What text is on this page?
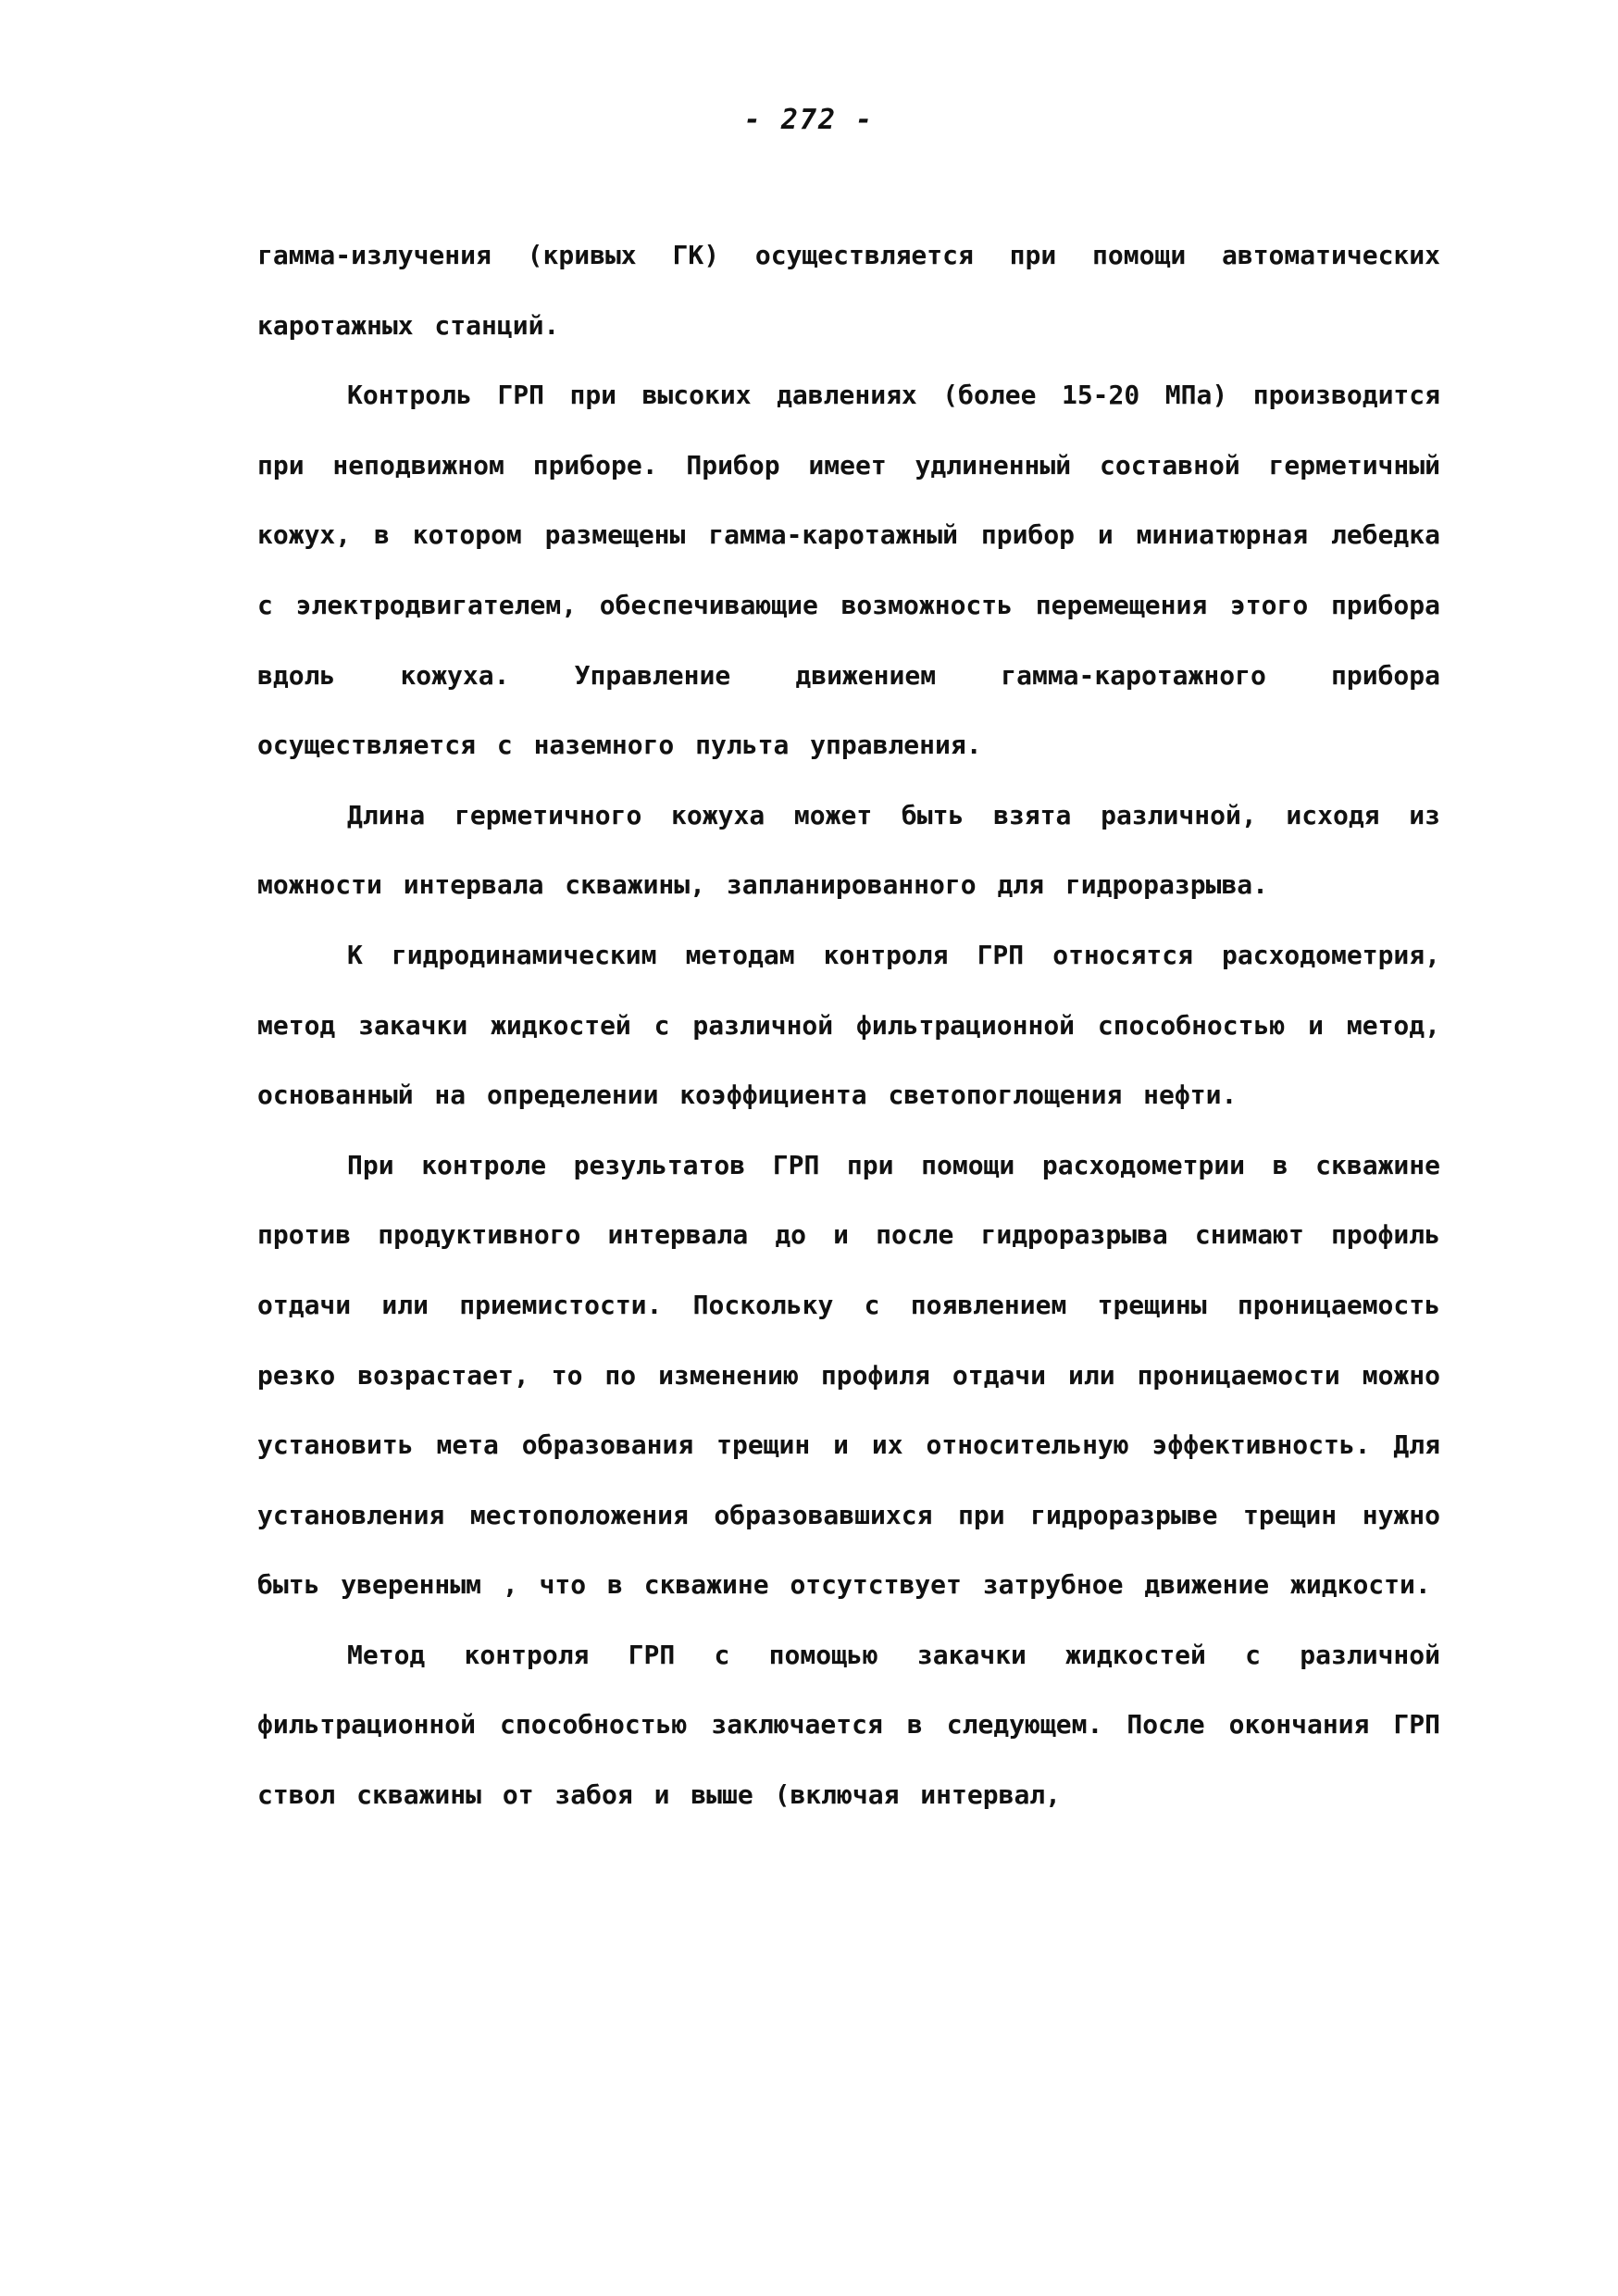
- 272 -

гамма-излучения (кривых ГК) осуществляется при помощи автоматических каротажных станций.

Контроль ГРП при высоких давлениях (более 15-20 МПа) производится при неподвижном приборе. Прибор имеет удлиненный составной герметичный кожух, в котором размещены гамма-каротажный прибор и миниатюрная лебедка с электродвигателем, обеспечивающие возможность перемещения этого прибора вдоль кожуха. Управление движением гамма-каротажного прибора осуществляется с наземного пульта управления.

Длина герметичного кожуха может быть взята различной, исходя из можности интервала скважины, запланированного для гидроразрыва.

К гидродинамическим методам контроля ГРП относятся расходометрия, метод закачки жидкостей с различной фильтрационной способностью и метод, основанный на определении коэффициента светопоглощения нефти.

При контроле результатов ГРП при помощи расходометрии в скважине против продуктивного интервала до и после гидроразрыва снимают профиль отдачи или приемистости. Поскольку с появлением трещины проницаемость резко возрастает, то по изменению профиля отдачи или проницаемости можно установить мета образования трещин и их относительную эффективность. Для установления местоположения образовавшихся при гидроразрыве трещин нужно быть уверенным , что в скважине отсутствует затрубное движение жидкости.

Метод контроля ГРП с помощью закачки жидкостей с различной фильтрационной способностью заключается в следующем. После окончания ГРП ствол скважины от забоя и выше (включая интервал,
